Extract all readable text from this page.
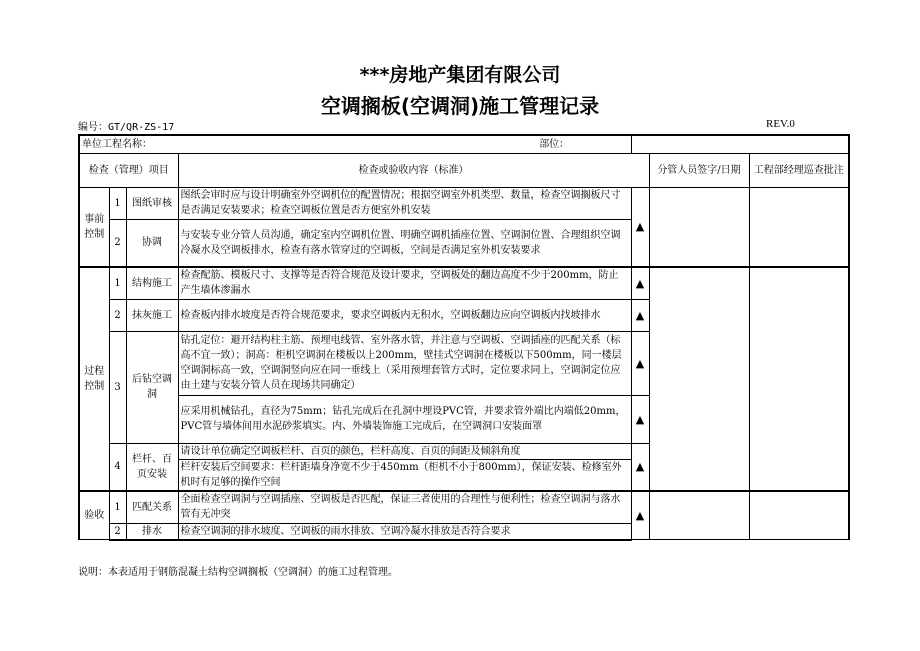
***房地产集团有限公司
空调搁板(空调洞)施工管理记录
编号：GT/QR-ZS-17	REV.0
单位工程名称： 部位：						
检查（管理）项目			检查或验收内容（标准）		分管人员签字/日期	工程部经理巡查批注
事前控制	1	图纸审核	图纸会审时应与设计明确室外空调机位的配置情况；根据空调室外机类型、数量，检查空调搁板尺寸是否满足安装要求；检查空调板位置是否方便室外机安装	▲		
	2	协调	与安装专业分管人员沟通，确定室内空调机位置、明确空调机插座位置、空调洞位置、合理组织空调冷凝水及空调板排水，检查有落水管穿过的空调板，空间是否满足室外机安装要求			
过程控制	1	结构施工	检查配筋、模板尺寸、支撑等是否符合规范及设计要求，空调板处的翻边高度不少于200mm，防止产生墙体渗漏水	▲		
	2	抹灰施工	检查板内排水坡度是否符合规范要求，要求空调板内无积水，空调板翻边应向空调板内找坡排水	▲		
	3	后钻空调洞	钻孔定位：避开结构柱主筋、预埋电线管、室外落水管，并注意与空调板、空调插座的匹配关系（标高不宜一致）；洞高：柜机空调洞在楼板以上200mm，壁挂式空调洞在楼板以下500mm，同一楼层空调洞标高一致，空调洞竖向应在同一垂线上（采用预埋套管方式时，定位要求同上，空调洞定位应由土建与安装分管人员在现场共同确定）	▲		
			应采用机械钻孔，直径为75mm；钻孔完成后在孔洞中埋设PVC管，并要求管外端比内端低20mm，PVC管与墙体间用水泥砂浆填实。内、外墙装饰施工完成后，在空调洞口安装面罩	▲		
	4	栏杆、百页安装	请设计单位确定空调板栏杆、百页的颜色，栏杆高度、百页的间距及倾斜角度	▲		
			栏杆安装后空间要求：栏杆距墙身净宽不少于450mm（柜机不小于800mm），保证安装、检修室外机时有足够的操作空间			
验收	1	匹配关系	全面检查空调洞与空调插座、空调板是否匹配，保证三者使用的合理性与便利性；检查空调洞与落水管有无冲突	▲		
	2	排水	检查空调洞的排水坡度、空调板的雨水排放、空调冷凝水排放是否符合要求			
说明：本表适用于钢筋混凝土结构空调搁板（空调洞）的施工过程管理。
